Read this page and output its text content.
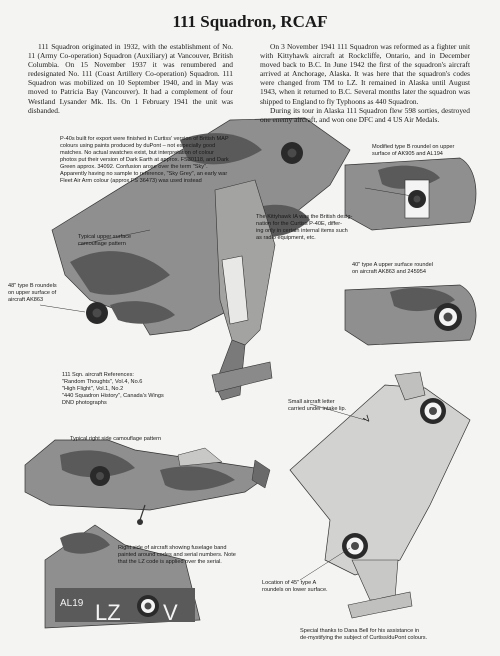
AL19 LZ V
111 Squadron, RCAF

111 Squadron originated in 1932, with the establishment of No. 11 (Army Co-operation) Squadron (Auxiliary) at Vancouver, British Columbia. On 15 November 1937 it was renumbered and redesignated No. 111 (Coast Artillery Co-operation) Squadron. 111 Squadron was mobilized on 10 September 1940, and in May was moved to Patricia Bay (Vancouver). It had a complement of four Westland Lysander Mk. IIs. On 1 February 1941 the unit was disbanded.

On 3 November 1941 111 Squadron was reformed as a fighter unit with Kittyhawk aircraft at Rockcliffe, Ontario, and in December moved back to B.C. In June 1942 the first of the squadron's aircraft arrived at Anchorage, Alaska. It was here that the squadron's codes were changed from TM to LZ. It remained in Alaska until August 1943, when it returned to B.C. Several months later the squadron was shipped to England to fly Typhoons as 440 Squadron.

During its tour in Alaska 111 Squadron flew 598 sorties, destroyed one enemy aircraft, and won one DFC and 4 US Air Medals.

P-40s built for export were finished in Curtiss' version of British MAP

colours using paints produced by duPont – not especially good

matches. No actual swatches exist, but interpretation of colour

photos put their version of Dark Earth at approx. FS30118, and Dark

Green approx. 34092. Confusion arose over the term "Sky".

Apparently having no sample to reference, "Sky Grey", an early war

Fleet Air Arm colour (approx FS 36473) was used instead

Modified type B roundel on upper

surface of AK905 and AL194

The Kittyhawk IA was the British desig-

nation for the Curtiss P-40E, differ-

ing only in certain internal items such

as radio equipment, etc.

Typical upper surface

camouflage pattern

40" type A upper surface roundel

on aircraft AK863 and 245954

48" type B roundels

on upper surface of

aircraft AK863

111 Sqn. aircraft References:

"Random Thoughts", Vol.4, No.6

"High Flight", Vol.1, No.2

"440 Squadron History", Canada's Wings

DND photographs	Small aircraft letter

carried under intake lip.

Typical right side camouflage pattern

Right side of aircraft showing fuselage band

painted around codes and serial numbers. Note

that the LZ code is applied over the serial.

Location of 45" type A

roundels on lower surface.

Special thanks to Dana Bell for his assistance in

de-mystifying the subject of Curtiss/duPont colours.

V
